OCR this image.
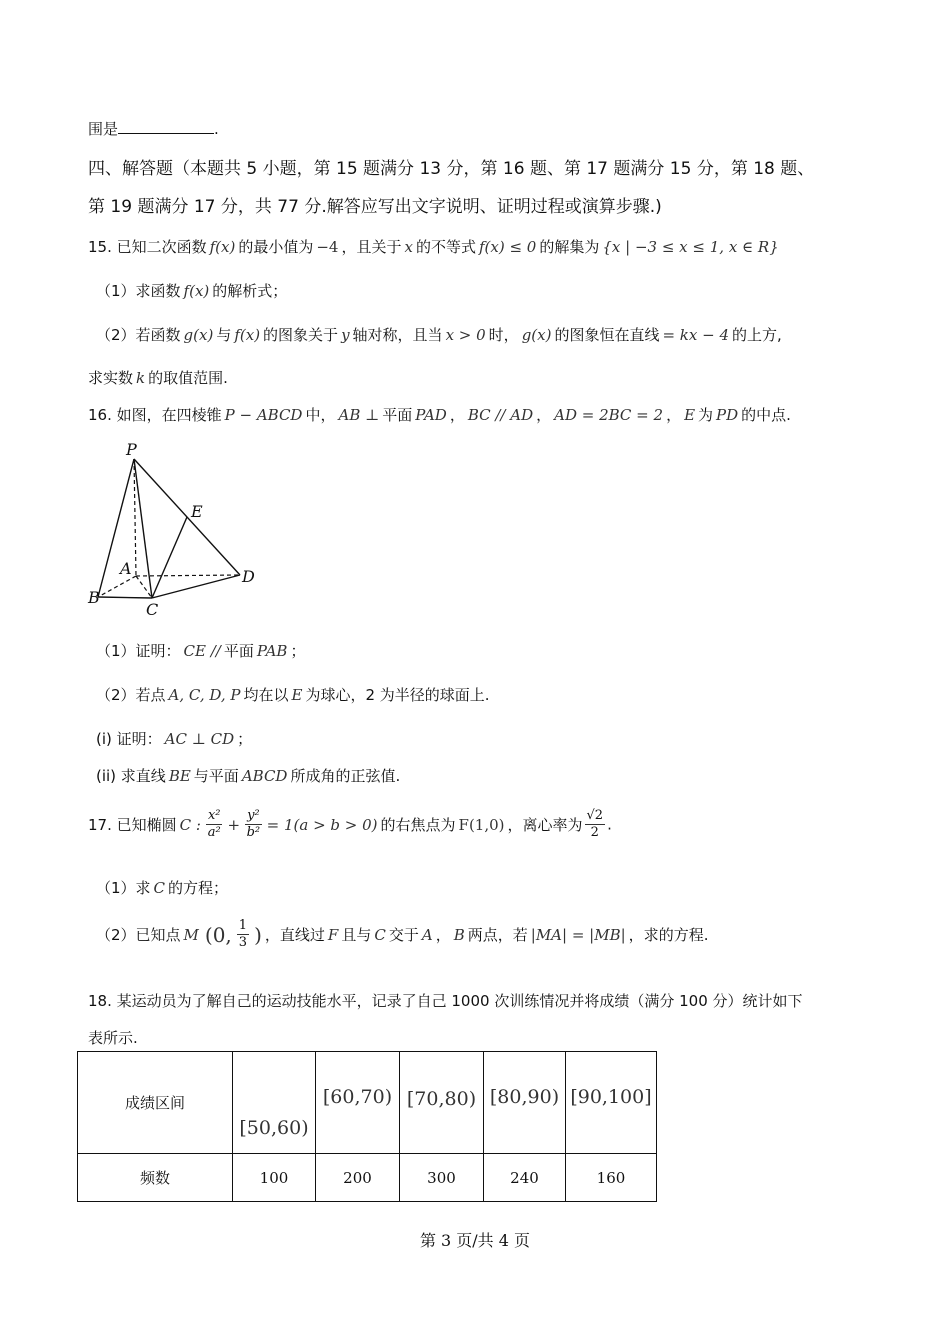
围是	.
四、解答题（本题共 5 小题，第 15 题满分 13 分，第 16 题、第 17 题满分 15 分，第 18 题、
第 19 题满分 17 分，共 77 分.解答应写出文字说明、证明过程或演算步骤.)
15. 已知二次函数 f(x) 的最小值为 −4 ，且关于 x 的不等式 f(x) ≤ 0 的解集为 {x | −3 ≤ x ≤ 1, x ∈ R}
（1）求函数 f(x) 的解析式；
（2）若函数 g(x) 与 f(x) 的图象关于 y 轴对称，且当 x > 0 时， g(x) 的图象恒在直线 = kx − 4 的上方,
求实数 k 的取值范围.
16. 如图，在四棱锥 P − ABCD 中， AB ⊥ 平面 PAD ， BC // AD ， AD = 2BC = 2 ， E 为 PD 的中点.
P
E
A	D
B
C
（1）证明： CE // 平面 PAB ；
（2）若点 A, C, D, P 均在以 E 为球心，2 为半径的球面上.
(i) 证明： AC ⊥ CD ；
(ii) 求直线 BE 与平面 ABCD 所成角的正弦值.
17. 已知椭圆 C : $\frac{\text{x²}}{\text{a²}} + \frac{\text{y²}}{\text{b²}} = 1(a > b > 0)$ 的右焦点为 F(1,0) ，离心率为 $\frac{√2}{2}$ .
（1）求 C 的方程；
（2）已知点 M (0, $\frac{1}{3}$ ) ，直线过 F 且与 C 交于 A ， B 两点，若 |MA| = |MB| ，求的方程.
18. 某运动员为了解自己的运动技能水平，记录了自己 1000 次训练情况并将成绩（满分 100 分）统计如下
表所示.
成绩区间	[50,60)	[60,70)	[70,80)	[80,90)	[90,100]
频数	100	200	300	240	160
第 3 页/共 4 页
